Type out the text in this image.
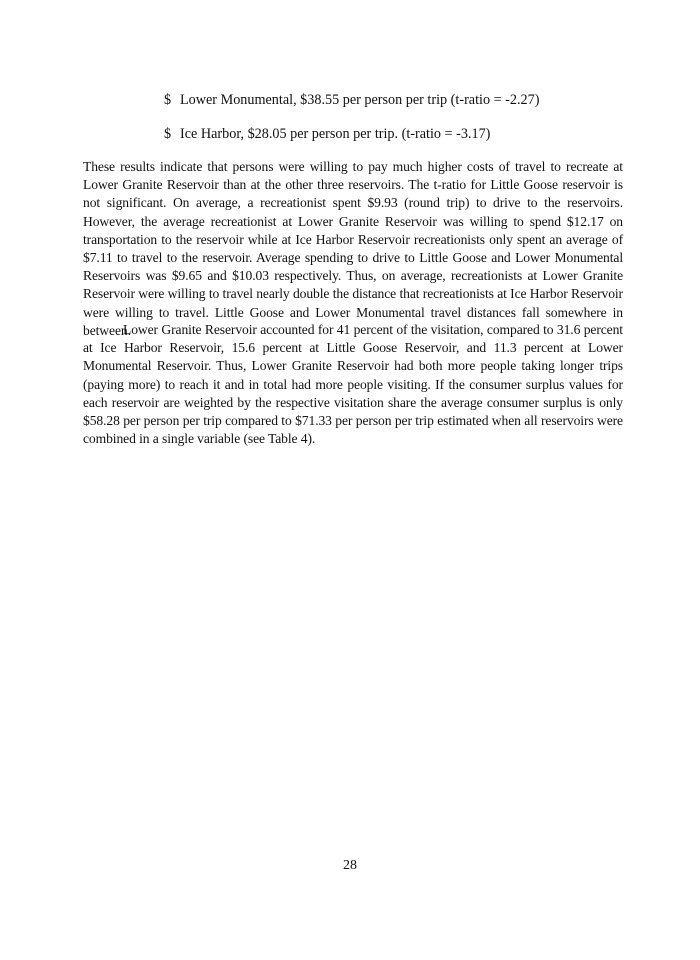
$ Lower Monumental, $38.55 per person per trip (t-ratio = -2.27)
$ Ice Harbor, $28.05 per person per trip. (t-ratio = -3.17)

These results indicate that persons were willing to pay much higher costs of travel to recreate at Lower Granite Reservoir than at the other three reservoirs. The t-ratio for Little Goose reservoir is not significant. On average, a recreationist spent $9.93 (round trip) to drive to the reservoirs. However, the average recreationist at Lower Granite Reservoir was willing to spend $12.17 on transportation to the reservoir while at Ice Harbor Reservoir recreationists only spent an average of $7.11 to travel to the reservoir. Average spending to drive to Little Goose and Lower Monumental Reservoirs was $9.65 and $10.03 respectively. Thus, on average, recreationists at Lower Granite Reservoir were willing to travel nearly double the distance that recreationists at Ice Harbor Reservoir were willing to travel. Little Goose and Lower Monumental travel distances fall somewhere in between.

Lower Granite Reservoir accounted for 41 percent of the visitation, compared to 31.6 percent at Ice Harbor Reservoir, 15.6 percent at Little Goose Reservoir, and 11.3 percent at Lower Monumental Reservoir. Thus, Lower Granite Reservoir had both more people taking longer trips (paying more) to reach it and in total had more people visiting. If the consumer surplus values for each reservoir are weighted by the respective visitation share the average consumer surplus is only $58.28 per person per trip compared to $71.33 per person per trip estimated when all reservoirs were combined in a single variable (see Table 4).

28
